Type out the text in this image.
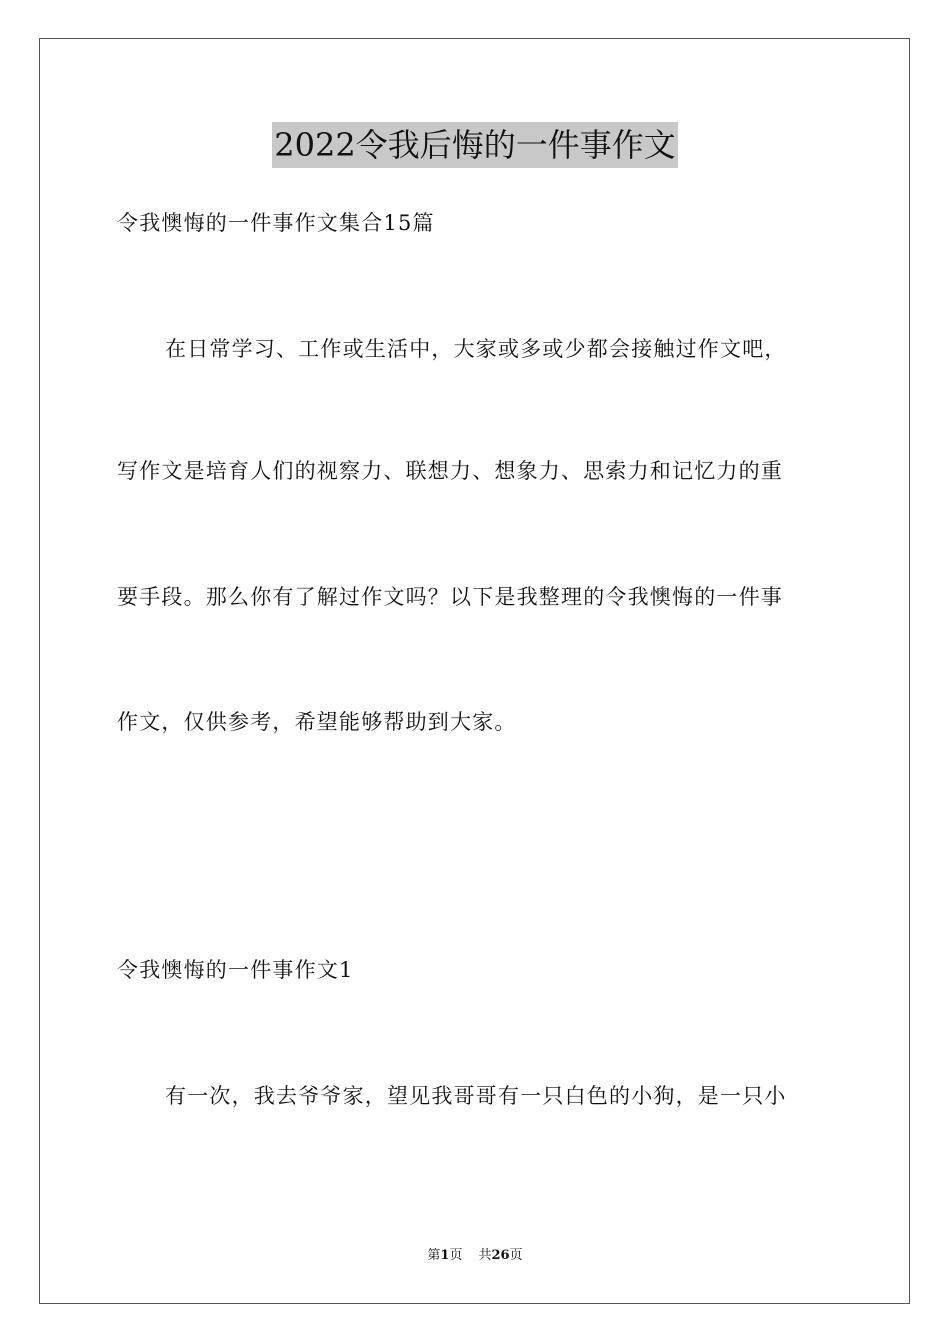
2022令我后悔的一件事作文
令我懊悔的一件事作文集合15篇
在日常学习、工作或生活中，大家或多或少都会接触过作文吧，
写作文是培育人们的视察力、联想力、想象力、思索力和记忆力的重
要手段。那么你有了解过作文吗？以下是我整理的令我懊悔的一件事
作文，仅供参考，希望能够帮助到大家。
令我懊悔的一件事作文1
有一次，我去爷爷家，望见我哥哥有一只白色的小狗，是一只小
第1页 共26页
